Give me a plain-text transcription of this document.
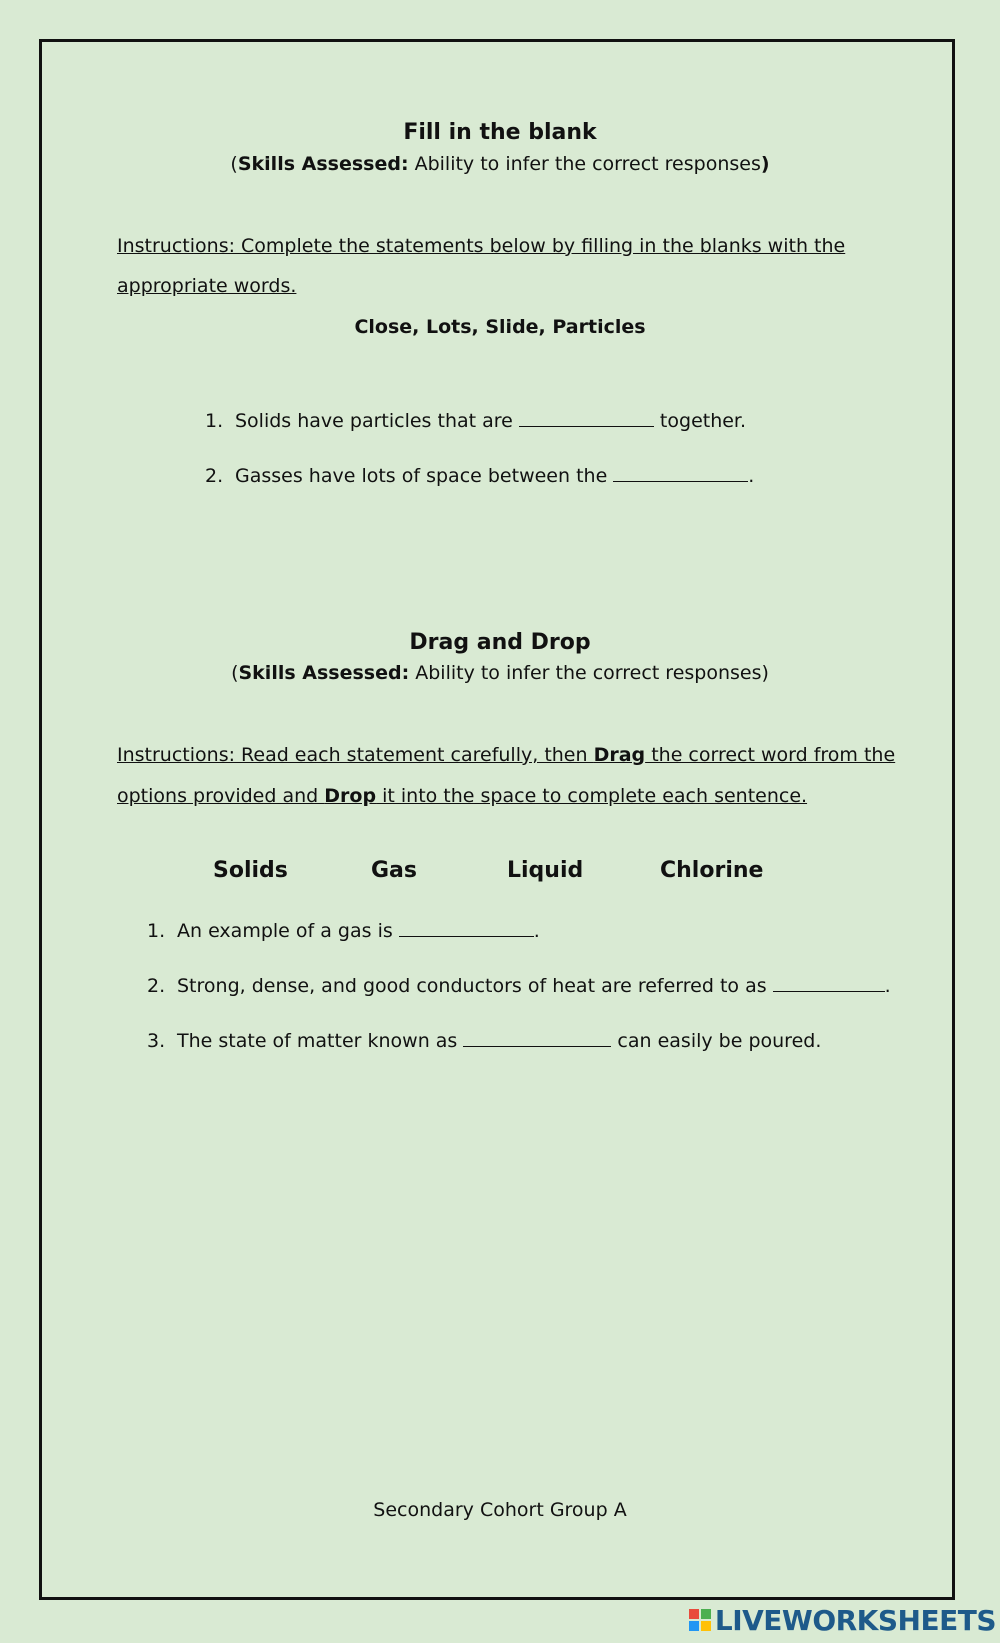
Fill in the blank
(Skills Assessed: Ability to infer the correct responses)
Instructions: Complete the statements below by filling in the blanks with the
appropriate words.
Close, Lots, Slide, Particles
1. Solids have particles that are	together.
2. Gasses have lots of space between the	.
Drag and Drop
(Skills Assessed: Ability to infer the correct responses)
Instructions: Read each statement carefully, then Drag the correct word from the
options provided and Drop it into the space to complete each sentence.
Solids	Gas	Liquid	Chlorine
1. An example of a gas is	.
2. Strong, dense, and good conductors of heat are referred to as	.
3. The state of matter known as	can easily be poured.
Secondary Cohort Group A
LIVEWORKSHEETS
